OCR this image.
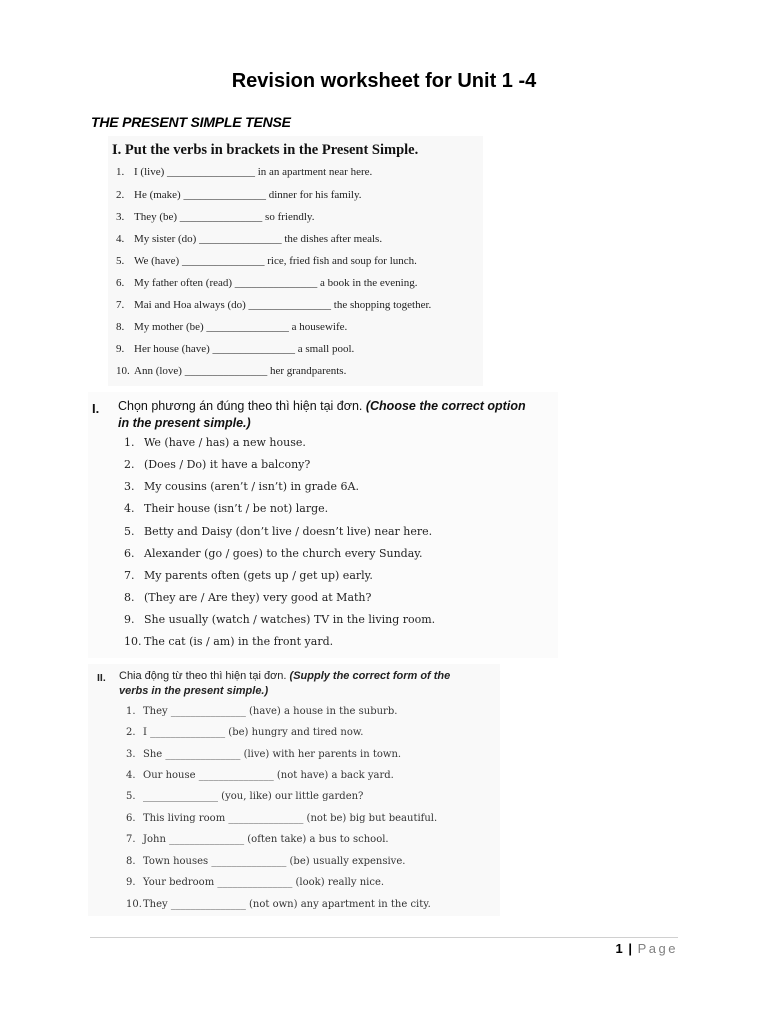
Revision worksheet for Unit 1 -4
THE PRESENT SIMPLE TENSE
I. Put the verbs in brackets in the Present Simple.
1. I (live) ________________ in an apartment near here.
2. He (make) _______________ dinner for his family.
3. They (be) _______________ so friendly.
4. My sister (do) _______________ the dishes after meals.
5. We (have) _______________ rice, fried fish and soup for lunch.
6. My father often (read) _______________ a book in the evening.
7. Mai and Hoa always (do) _______________ the shopping together.
8. My mother (be) _______________ a housewife.
9. Her house (have) _______________ a small pool.
10. Ann (love) _______________ her grandparents.
I. Chọn phương án đúng theo thì hiện tại đơn. (Choose the correct option
in the present simple.)
1. We (have / has) a new house.
2. (Does / Do) it have a balcony?
3. My cousins (aren’t / isn’t) in grade 6A.
4. Their house (isn’t / be not) large.
5. Betty and Daisy (don’t live / doesn’t live) near here.
6. Alexander (go / goes) to the church every Sunday.
7. My parents often (gets up / get up) early.
8. (They are / Are they) very good at Math?
9. She usually (watch / watches) TV in the living room.
10. The cat (is / am) in the front yard.
II. Chia động từ theo thì hiện tại đơn. (Supply the correct form of the
verbs in the present simple.)
1. They _______________ (have) a house in the suburb.
2. I _______________ (be) hungry and tired now.
3. She _______________ (live) with her parents in town.
4. Our house _______________ (not have) a back yard.
5. _______________ (you, like) our little garden?
6. This living room _______________ (not be) big but beautiful.
7. John _______________ (often take) a bus to school.
8. Town houses _______________ (be) usually expensive.
9. Your bedroom _______________ (look) really nice.
10.They _______________ (not own) any apartment in the city.
1 | Page
